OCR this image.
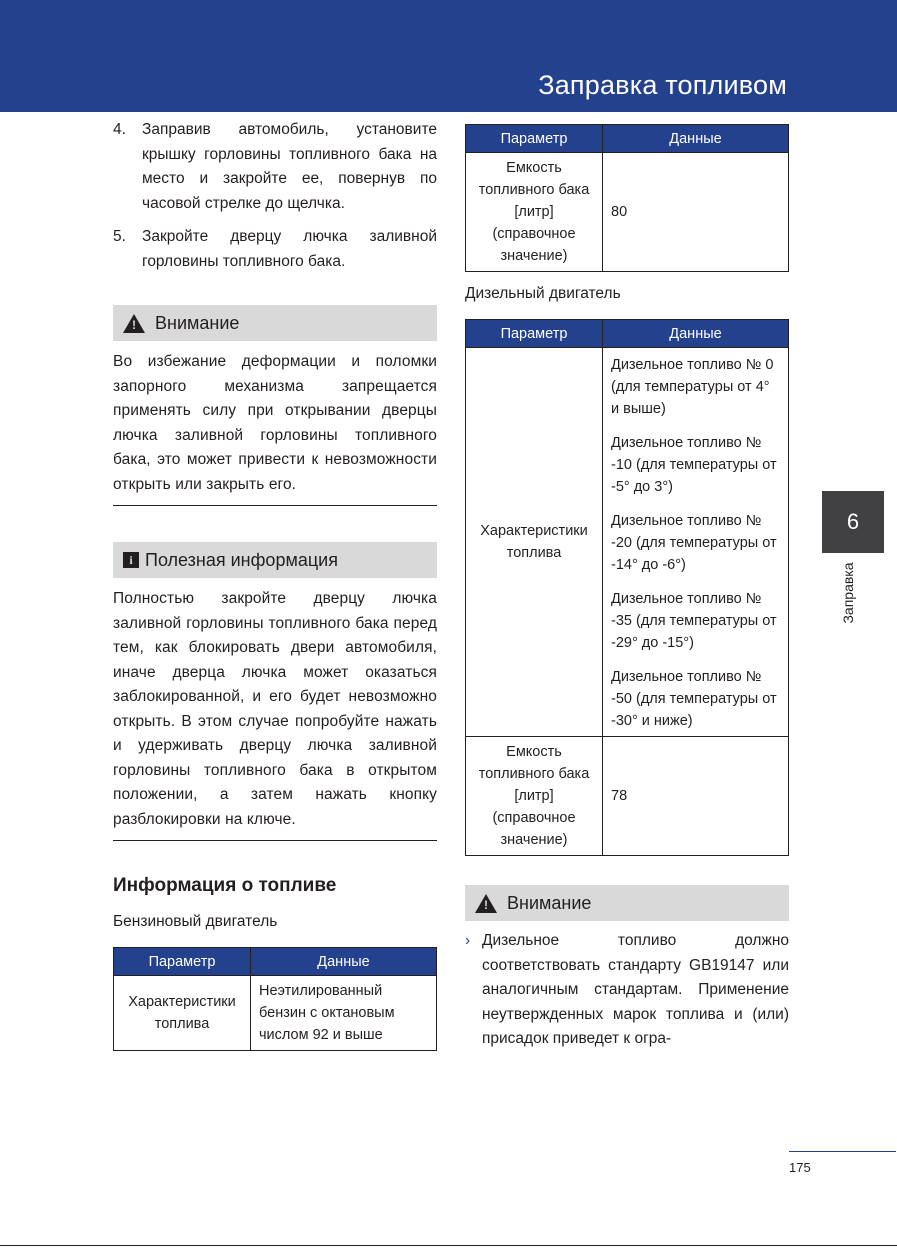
Заправка топливом
4.	Заправив автомобиль, установите крышку горловины топливного бака на место и закройте ее, повернув по часовой стрелке до щелчка.
5.	Закройте дверцу лючка заливной горловины топливного бака.
! Внимание
Во избежание деформации и поломки запорного механизма запрещается применять силу при открывании дверцы лючка заливной горловины топливного бака, это может привести к невозможности открыть или закрыть его.
i Полезная информация
Полностью закройте дверцу лючка заливной горловины топливного бака перед тем, как блокировать двери автомобиля, иначе дверца лючка может оказаться заблокированной, и его будет невозможно открыть. В этом случае попробуйте нажать и удерживать дверцу лючка заливной горловины топливного бака в открытом положении, а затем нажать кнопку разблокировки на ключе.
Информация о топливе
Бензиновый двигатель
Параметр	Данные
Характеристики топлива	Неэтилированный бензин с октановым числом 92 и выше
Параметр	Данные
Емкость топливного бака [литр] (справочное значение)	80
Дизельный двигатель
Параметр	Данные
Характеристики топлива	Дизельное топливо № 0 (для температуры от 4° и выше)
Дизельное топливо № -10 (для температуры от -5° до 3°)
Дизельное топливо № -20 (для температуры от -14° до -6°)
Дизельное топливо № -35 (для температуры от -29° до -15°)
Дизельное топливо № -50 (для температуры от -30° и ниже)

Емкость топливного бака [литр] (справочное значение)	78
! Внимание
› Дизельное топливо должно соответствовать стандарту GB19147 или аналогичным стандартам. Применение неутвержденных марок топлива и (или) присадок приведет к огра-
6
Заправка
175
